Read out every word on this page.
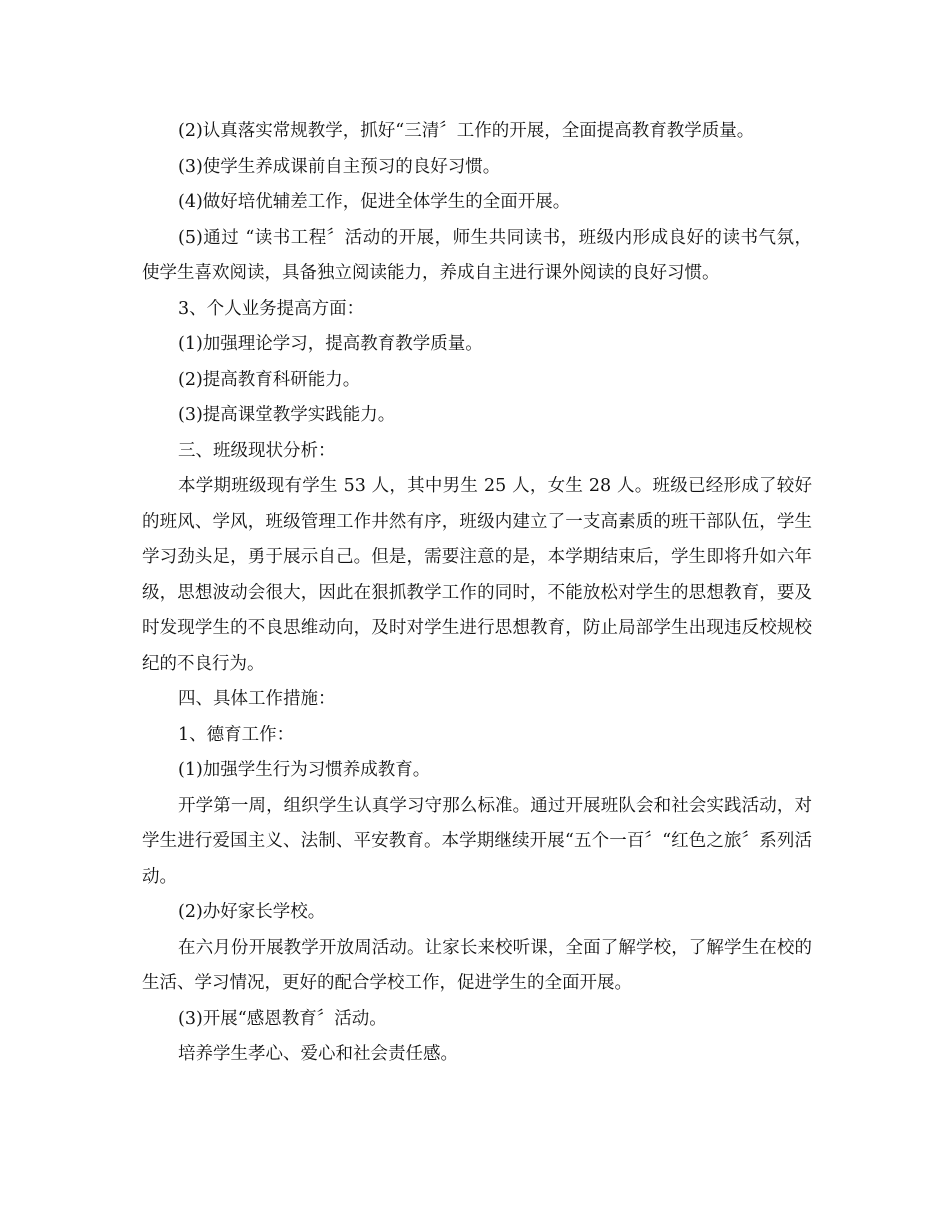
(2)认真落实常规教学，抓好“三清〞工作的开展，全面提高教育教学质量。

(3)使学生养成课前自主预习的良好习惯。

(4)做好培优辅差工作，促进全体学生的全面开展。

(5)通过 “读书工程〞活动的开展，师生共同读书，班级内形成良好的读书气氛，使学生喜欢阅读，具备独立阅读能力，养成自主进行课外阅读的良好习惯。

3、个人业务提高方面：

(1)加强理论学习，提高教育教学质量。

(2)提高教育科研能力。

(3)提高课堂教学实践能力。

三、班级现状分析：

本学期班级现有学生 53 人，其中男生 25 人，女生 28 人。班级已经形成了较好的班风、学风，班级管理工作井然有序，班级内建立了一支高素质的班干部队伍，学生学习劲头足，勇于展示自己。但是，需要注意的是，本学期结束后，学生即将升如六年级，思想波动会很大，因此在狠抓教学工作的同时，不能放松对学生的思想教育，要及时发现学生的不良思维动向，及时对学生进行思想教育，防止局部学生出现违反校规校纪的不良行为。

四、具体工作措施：

1、德育工作：

(1)加强学生行为习惯养成教育。

开学第一周，组织学生认真学习守那么标准。通过开展班队会和社会实践活动，对学生进行爱国主义、法制、平安教育。本学期继续开展“五个一百〞“红色之旅〞系列活动。

(2)办好家长学校。

在六月份开展教学开放周活动。让家长来校听课，全面了解学校，了解学生在校的生活、学习情况，更好的配合学校工作，促进学生的全面开展。

(3)开展“感恩教育〞活动。

培养学生孝心、爱心和社会责任感。
